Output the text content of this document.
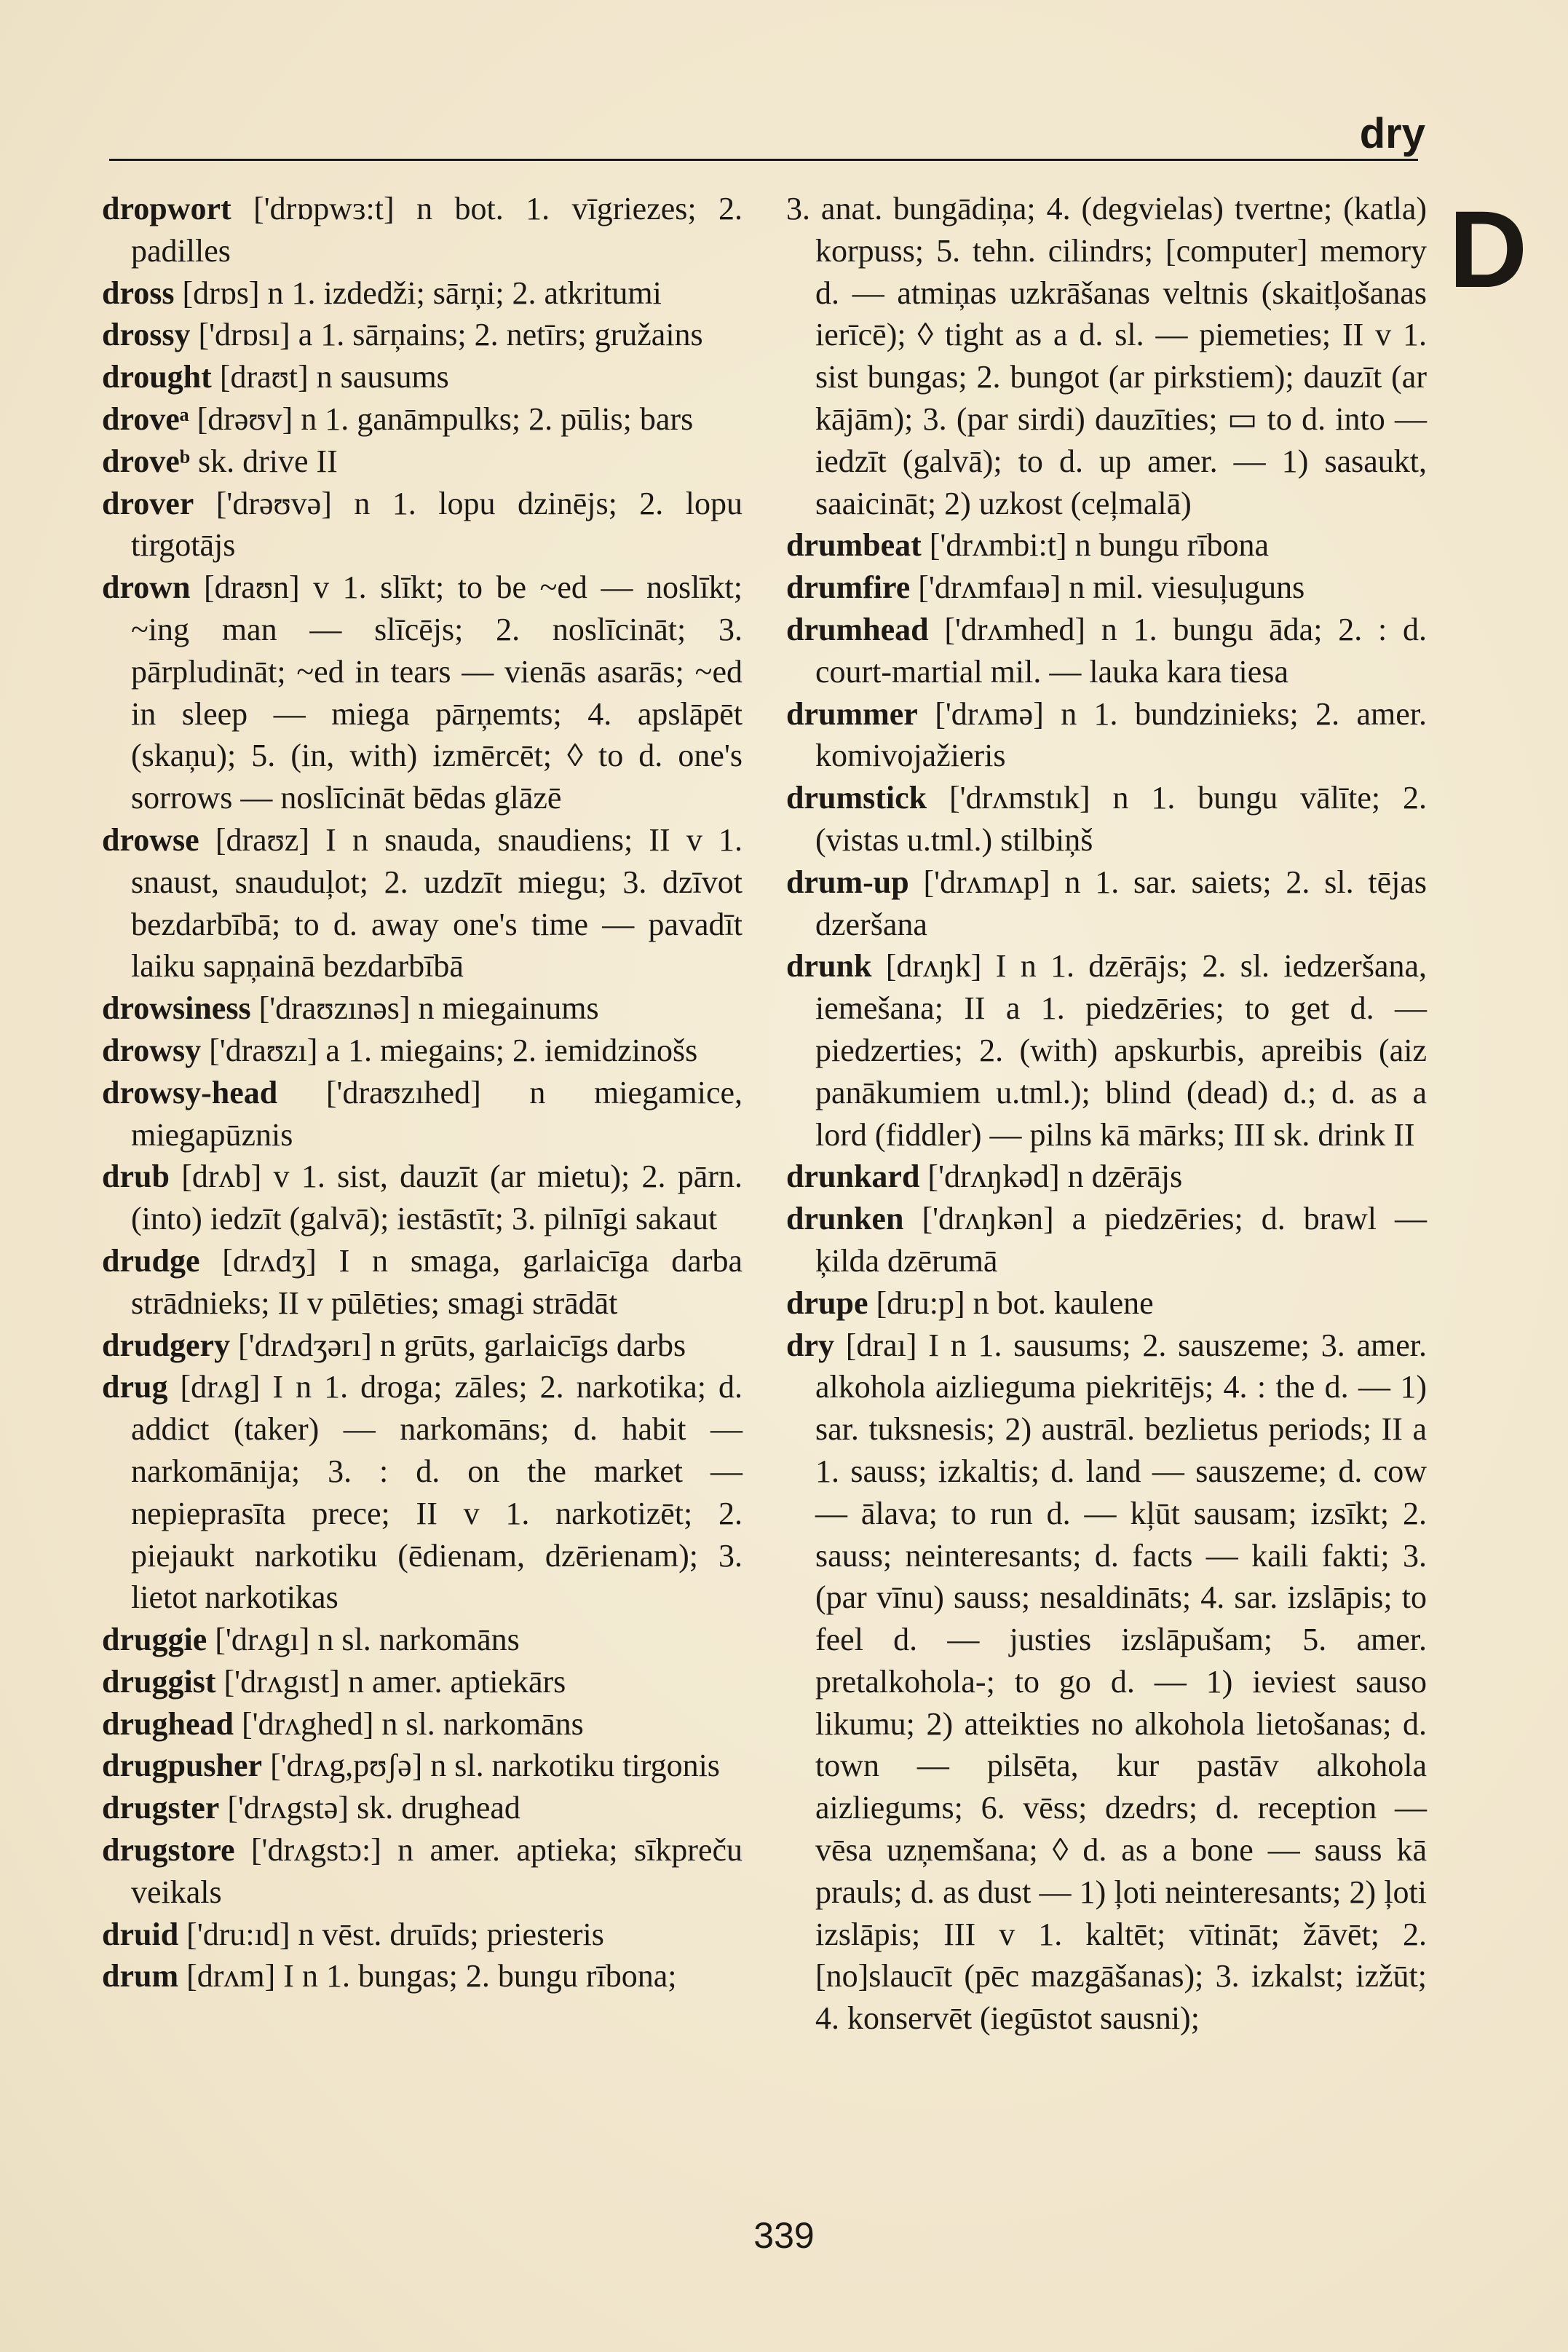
dry
D

dropwort ['drɒpwɜ:t] n bot. 1. vīgriezes; 2. padilles

dross [drɒs] n 1. izdedži; sārņi; 2. atkritumi

drossy ['drɒsı] a 1. sārņains; 2. netīrs; gružains

drought [draʊt] n sausums

droveᵃ [drəʊv] n 1. ganāmpulks; 2. pūlis; bars

droveᵇ sk. drive II

drover ['drəʊvə] n 1. lopu dzinējs; 2. lopu tirgotājs

drown [draʊn] v 1. slīkt; to be ~ed — noslīkt; ~ing man — slīcējs; 2. noslīcināt; 3. pārpludināt; ~ed in tears — vienās asarās; ~ed in sleep — miega pārņemts; 4. apslāpēt (skaņu); 5. (in, with) izmērcēt; ◊ to d. one's sorrows — noslīcināt bēdas glāzē

drowse [draʊz] I n snauda, snaudiens; II v 1. snaust, snauduļot; 2. uzdzīt miegu; 3. dzīvot bezdarbībā; to d. away one's time — pavadīt laiku sapņainā bezdarbībā

drowsiness ['draʊzınəs] n miegainums

drowsy ['draʊzı] a 1. miegains; 2. iemidzinošs

drowsy-head ['draʊzıhed] n miegamice, miegapūznis

drub [drʌb] v 1. sist, dauzīt (ar mietu); 2. pārn. (into) iedzīt (galvā); iestāstīt; 3. pilnīgi sakaut

drudge [drʌdʒ] I n smaga, garlaicīga darba strādnieks; II v pūlēties; smagi strādāt

drudgery ['drʌdʒərı] n grūts, garlaicīgs darbs

drug [drʌg] I n 1. droga; zāles; 2. narkotika; d. addict (taker) — narkomāns; d. habit — narkomānija; 3. : d. on the market — nepieprasīta prece; II v 1. narkotizēt; 2. piejaukt narkotiku (ēdienam, dzērienam); 3. lietot narkotikas

druggie ['drʌgı] n sl. narkomāns

druggist ['drʌgıst] n amer. aptiekārs

drughead ['drʌghed] n sl. narkomāns

drugpusher ['drʌg,pʊʃə] n sl. narkotiku tirgonis

drugster ['drʌgstə] sk. drughead

drugstore ['drʌgstɔ:] n amer. aptieka; sīkpreču veikals

druid ['dru:ıd] n vēst. druīds; priesteris

drum [drʌm] I n 1. bungas; 2. bungu rībona;

3. anat. bungādiņa; 4. (degvielas) tvertne; (katla) korpuss; 5. tehn. cilindrs; [computer] memory d. — atmiņas uzkrāšanas veltnis (skaitļošanas ierīcē); ◊ tight as a d. sl. — piemeties; II v 1. sist bungas; 2. bungot (ar pirkstiem); dauzīt (ar kājām); 3. (par sirdi) dauzīties; ▭ to d. into — iedzīt (galvā); to d. up amer. — 1) sasaukt, saaicināt; 2) uzkost (ceļmalā)

drumbeat ['drʌmbi:t] n bungu rībona

drumfire ['drʌmfaıə] n mil. viesuļuguns

drumhead ['drʌmhed] n 1. bungu āda; 2. : d. court-martial mil. — lauka kara tiesa

drummer ['drʌmə] n 1. bundzinieks; 2. amer. komivojažieris

drumstick ['drʌmstık] n 1. bungu vālīte; 2. (vistas u.tml.) stilbiņš

drum-up ['drʌmʌp] n 1. sar. saiets; 2. sl. tējas dzeršana

drunk [drʌŋk] I n 1. dzērājs; 2. sl. iedzeršana, iemešana; II a 1. piedzēries; to get d. — piedzerties; 2. (with) apskurbis, apreibis (aiz panākumiem u.tml.); blind (dead) d.; d. as a lord (fiddler) — pilns kā mārks; III sk. drink II

drunkard ['drʌŋkəd] n dzērājs

drunken ['drʌŋkən] a piedzēries; d. brawl — ķilda dzērumā

drupe [dru:p] n bot. kaulene

dry [draı] I n 1. sausums; 2. sauszeme; 3. amer. alkohola aizlieguma piekritējs; 4. : the d. — 1) sar. tuksnesis; 2) austrāl. bezlietus periods; II a 1. sauss; izkaltis; d. land — sauszeme; d. cow — ālava; to run d. — kļūt sausam; izsīkt; 2. sauss; neinteresants; d. facts — kaili fakti; 3. (par vīnu) sauss; nesaldināts; 4. sar. izslāpis; to feel d. — justies izslāpušam; 5. amer. pretalkohola-; to go d. — 1) ieviest sauso likumu; 2) atteikties no alkohola lietošanas; d. town — pilsēta, kur pastāv alkohola aizliegums; 6. vēss; dzedrs; d. reception — vēsa uzņemšana; ◊ d. as a bone — sauss kā prauls; d. as dust — 1) ļoti neinteresants; 2) ļoti izslāpis; III v 1. kaltēt; vītināt; žāvēt; 2. [no]slaucīt (pēc mazgāšanas); 3. izkalst; izžūt; 4. konservēt (iegūstot sausni);

339
